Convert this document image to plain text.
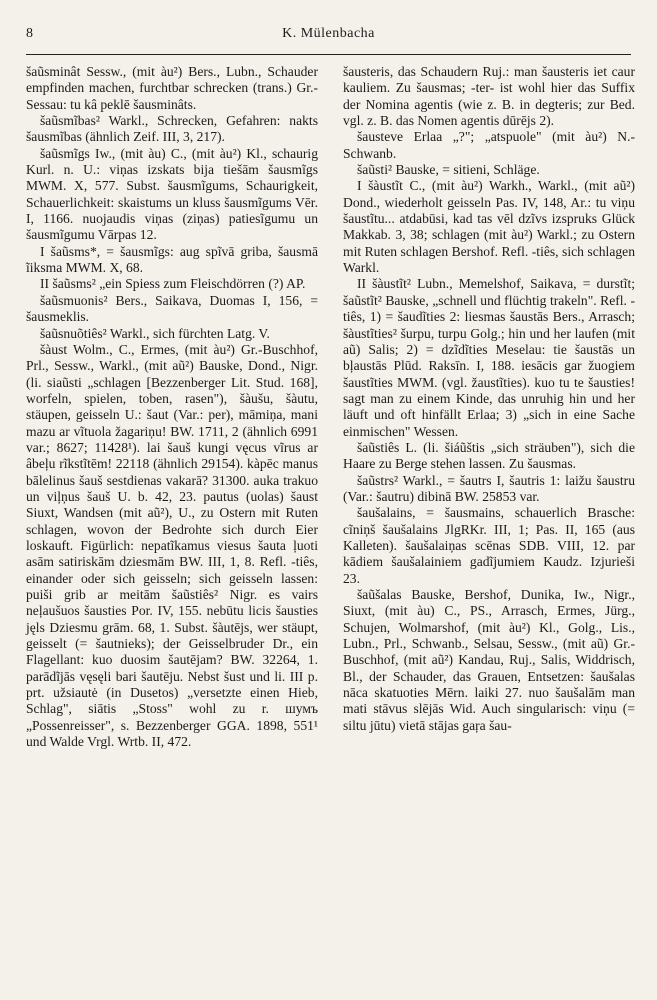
8	K. Mülenbacha

šaũsminât Sessw., (mit àu²) Bers., Lubn., Schauder empfinden machen, furchtbar schrecken (trans.) Gr.-Sessau: tu kâ peklē šausminâts.

šaũsmĩbas² Warkl., Schrecken, Gefahren: nakts šausmĩbas (ähnlich Zeif. III, 3, 217).

šaũsmĩgs Iw., (mit àu) C., (mit àu²) Kl., schaurig Kurl. n. U.: viņas izskats bija tiešām šausmĩgs MWM. X, 577. Subst. šausmĩgums, Schaurigkeit, Schauerlichkeit: skaistums un kluss šausmĩgums Vēr. I, 1166. nuojaudis viņas (ziņas) patiesĩgumu un šausmĩgumu Vārpas 12.

I šaũsms*, = šausmĩgs: aug spĩvā griba, šausmā ĩiksma MWM. X, 68.

II šaũsms² „ein Spiess zum Fleischdörren (?) AP.

šaũsmuonis² Bers., Saikava, Duomas I, 156, = šausmeklis.

šaũsnuõtiês² Warkl., sich fürchten Latg. V.

šàust Wolm., C., Ermes, (mit àu²) Gr.-Buschhof, Prl., Sessw., Warkl., (mit aũ²) Bauske, Dond., Nigr. (li. siaũsti „schlagen [Bezzenberger Lit. Stud. 168], worfeln, spielen, toben, rasen"), šàušu, šàutu, stäupen, geisseln U.: šaut (Var.: per), māmiņa, mani mazu ar vĩtuola žagariņu! BW. 1711, 2 (ähnlich 6991 var.; 8627; 11428¹). lai šauš kungi vęcus vĩrus ar âbeļu rĩkstĩtēm! 22118 (ähnlich 29154). kàpēc manus bālelinus šauš sestdienas vakarā? 31300. auka trakuo un viļņus šauš U. b. 42, 23. pautus (uolas) šaust Siuxt, Wandsen (mit aũ²), U., zu Ostern mit Ruten schlagen, wovon der Bedrohte sich durch Eier loskauft. Figürlich: nepatĩkamus viesus šauta ļuoti asām satiriskām dziesmām BW. III, 1, 8. Refl. -tiês, einander oder sich geisseln; sich geisseln lassen: puiši grib ar meitām šaũstiês² Nigr. es vairs neļaušuos šausties Por. IV, 155. nebūtu licis šausties jęls Dziesmu grām. 68, 1. Subst. šàutējs, wer stäupt, geisselt (= šautnieks); der Geisselbruder Dr., ein Flagellant: kuo duosim šautējam? BW. 32264, 1. parādĩjās vęsęli bari šautēju. Nebst šust und li. III p. prt. užsiautė (in Dusetos) „versetzte einen Hieb, Schlag", siātis „Stoss" wohl zu r. шумъ „Possenreisser", s. Bezzenberger GGA. 1898, 551¹ und Walde Vrgl. Wrtb. II, 472.

šausteris, das Schaudern Ruj.: man šausteris iet caur kauliem. Zu šausmas; -ter- ist wohl hier das Suffix der Nomina agentis (wie z. B. in degteris; zur Bed. vgl. z. B. das Nomen agentis dūrējs 2).

šausteve Erlaa „?"; „atspuole" (mit àu²) N.-Schwanb.

šaũsti² Bauske, = sitieni, Schläge.

I šàustĩt C., (mit àu²) Warkh., Warkl., (mit aũ²) Dond., wiederholt geisseln Pas. IV, 148, Ar.: tu viņu šaustĩtu... atdabūsi, kad tas vēl dzĩvs izspruks Glück Makkab. 3, 38; schlagen (mit àu²) Warkl.; zu Ostern mit Ruten schlagen Bershof. Refl. -tiês, sich schlagen Warkl.

II šàustĩt² Lubn., Memelshof, Saikava, = durstĩt; šaũstĩt² Bauske, „schnell und flüchtig trakeln". Refl. -tiês, 1) = šaudĩties 2: liesmas šaustās Bers., Arrasch; šàustĩties² šurpu, turpu Golg.; hin und her laufen (mit aũ) Salis; 2) = dzĩdĩties Meselau: tie šaustās un bļaustās Plūd. Raksīn. I, 188. iesācis gar žuogiem šaustĩties MWM. (vgl. žaustĩties). kuo tu te šausties! sagt man zu einem Kinde, das unruhig hin und her läuft und oft hinfällt Erlaa; 3) „sich in eine Sache einmischen" Wessen.

šaũstiês L. (li. šiáũštis „sich sträuben"), sich die Haare zu Berge stehen lassen. Zu šausmas.

šaũstrs² Warkl., = šautrs I, šautris 1: laižu šaustru (Var.: šautru) dibinā BW. 25853 var.

šaušalains, = šausmains, schauerlich Brasche: cĩniņš šaušalains JlgRKr. III, 1; Pas. II, 165 (aus Kalleten). šaušalaiņas scēnas SDB. VIII, 12. par kādiem šaušalainiem gadĩjumiem Kaudz. Izjurieši 23.

šaũšalas Bauske, Bershof, Dunika, Iw., Nigr., Siuxt, (mit àu) C., PS., Arrasch, Ermes, Jürg., Schujen, Wolmarshof, (mit àu²) Kl., Golg., Lis., Lubn., Prl., Schwanb., Selsau, Sessw., (mit aũ) Gr.-Buschhof, (mit aũ²) Kandau, Ruj., Salis, Widdrisch, Bl., der Schauder, das Grauen, Entsetzen: šaušalas nāca skatuoties Mērn. laiki 27. nuo šaušalām man mati stāvus slējās Wid. Auch singularisch: viņu (= siltu jūtu) vietā stājas gaŗa šau-
